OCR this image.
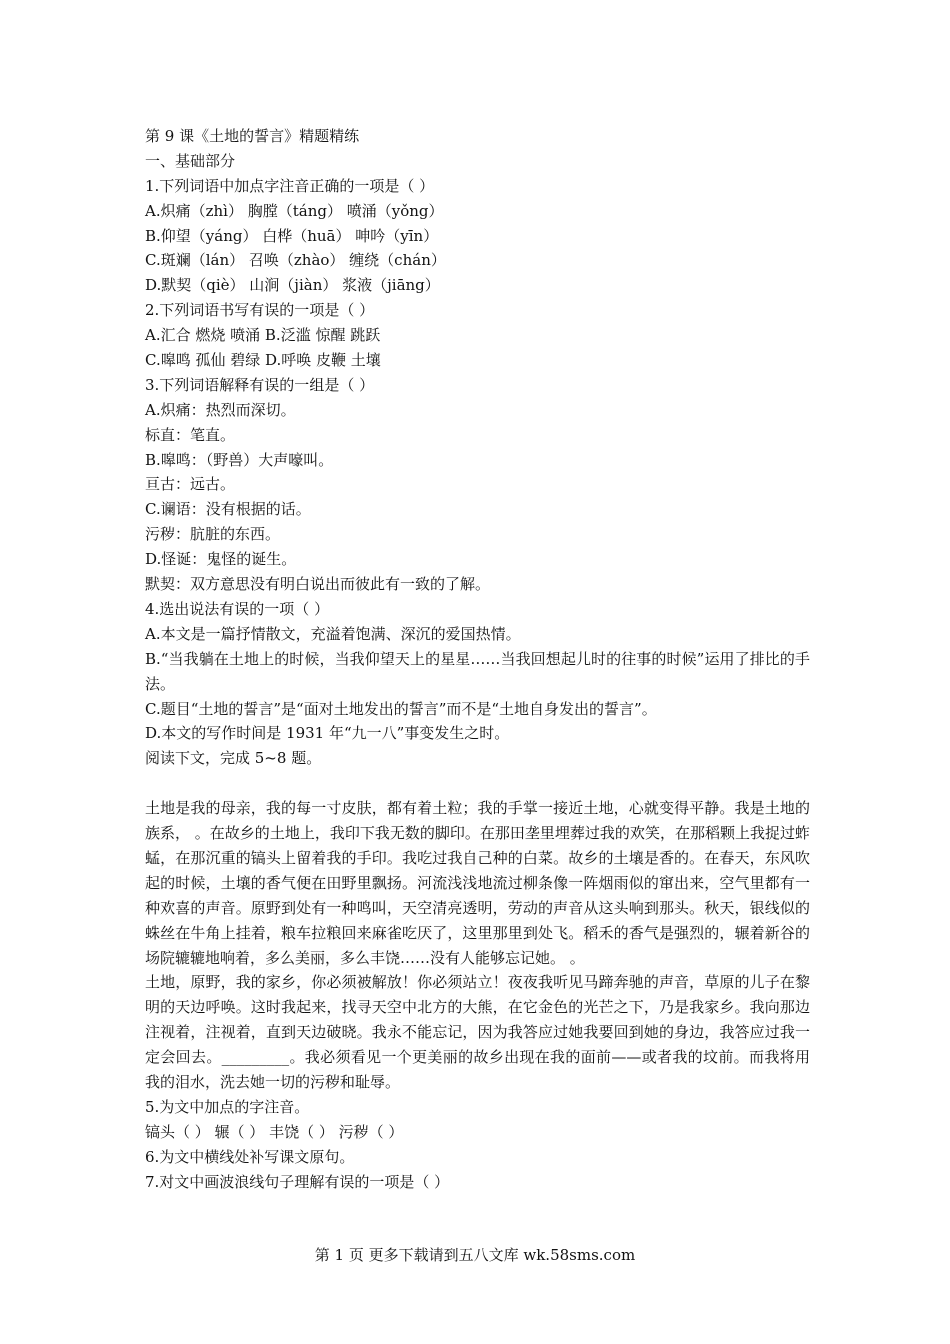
第 9 课《土地的誓言》精题精练
一、基础部分
1.下列词语中加点字注音正确的一项是（ ）
A.炽痛（zhì） 胸膛（táng） 喷涌（yǒng）
B.仰望（yáng） 白桦（huā） 呻吟（yīn）
C.斑斓（lán） 召唤（zhào） 缠绕（chán）
D.默契（qiè） 山涧（jiàn） 浆液（jiāng）
2.下列词语书写有误的一项是（ ）
A.汇合 燃烧 喷涌 B.泛滥 惊醒 跳跃
C.嗥鸣 孤仙 碧绿 D.呼唤 皮鞭 土壤
3.下列词语解释有误的一组是（ ）
A.炽痛：热烈而深切。
标直：笔直。
B.嗥鸣：（野兽）大声嚎叫。
亘古：远古。
C.谰语：没有根据的话。
污秽：肮脏的东西。
D.怪诞：鬼怪的诞生。
默契：双方意思没有明白说出而彼此有一致的了解。
4.选出说法有误的一项（ ）
A.本文是一篇抒情散文，充溢着饱满、深沉的爱国热情。
B.“当我躺在土地上的时候，当我仰望天上的星星……当我回想起儿时的往事的时候”运用了排比的手法。
C.题目“土地的誓言”是“面对土地发出的誓言”而不是“土地自身发出的誓言”。
D.本文的写作时间是 1931 年“九一八”事变发生之时。
阅读下文，完成 5~8 题。
土地是我的母亲，我的每一寸皮肤，都有着土粒；我的手掌一接近土地，心就变得平静。我是土地的族系， 。在故乡的土地上，我印下我无数的脚印。在那田垄里埋葬过我的欢笑，在那稻颗上我捉过蚱蜢，在那沉重的镐头上留着我的手印。我吃过我自己种的白菜。故乡的土壤是香的。在春天，东风吹起的时候，土壤的香气便在田野里飘扬。河流浅浅地流过柳条像一阵烟雨似的窜出来，空气里都有一种欢喜的声音。原野到处有一种鸣叫，天空清亮透明，劳动的声音从这头响到那头。秋天，银线似的蛛丝在牛角上挂着，粮车拉粮回来麻雀吃厌了，这里那里到处飞。稻禾的香气是强烈的，辗着新谷的场院辘辘地响着，多么美丽，多么丰饶……没有人能够忘记她。 。
土地，原野，我的家乡，你必须被解放！你必须站立！夜夜我听见马蹄奔驰的声音，草原的儿子在黎明的天边呼唤。这时我起来，找寻天空中北方的大熊，在它金色的光芒之下，乃是我家乡。我向那边注视着，注视着，直到天边破晓。我永不能忘记，因为我答应过她我要回到她的身边，我答应过我一定会回去。_________。我必须看见一个更美丽的故乡出现在我的面前——或者我的坟前。而我将用我的泪水，洗去她一切的污秽和耻辱。
5.为文中加点的字注音。
镐头（ ） 辗（ ） 丰饶（ ） 污秽（ ）
6.为文中横线处补写课文原句。
7.对文中画波浪线句子理解有误的一项是（ ）
第 1 页 更多下载请到五八文库 wk.58sms.com
